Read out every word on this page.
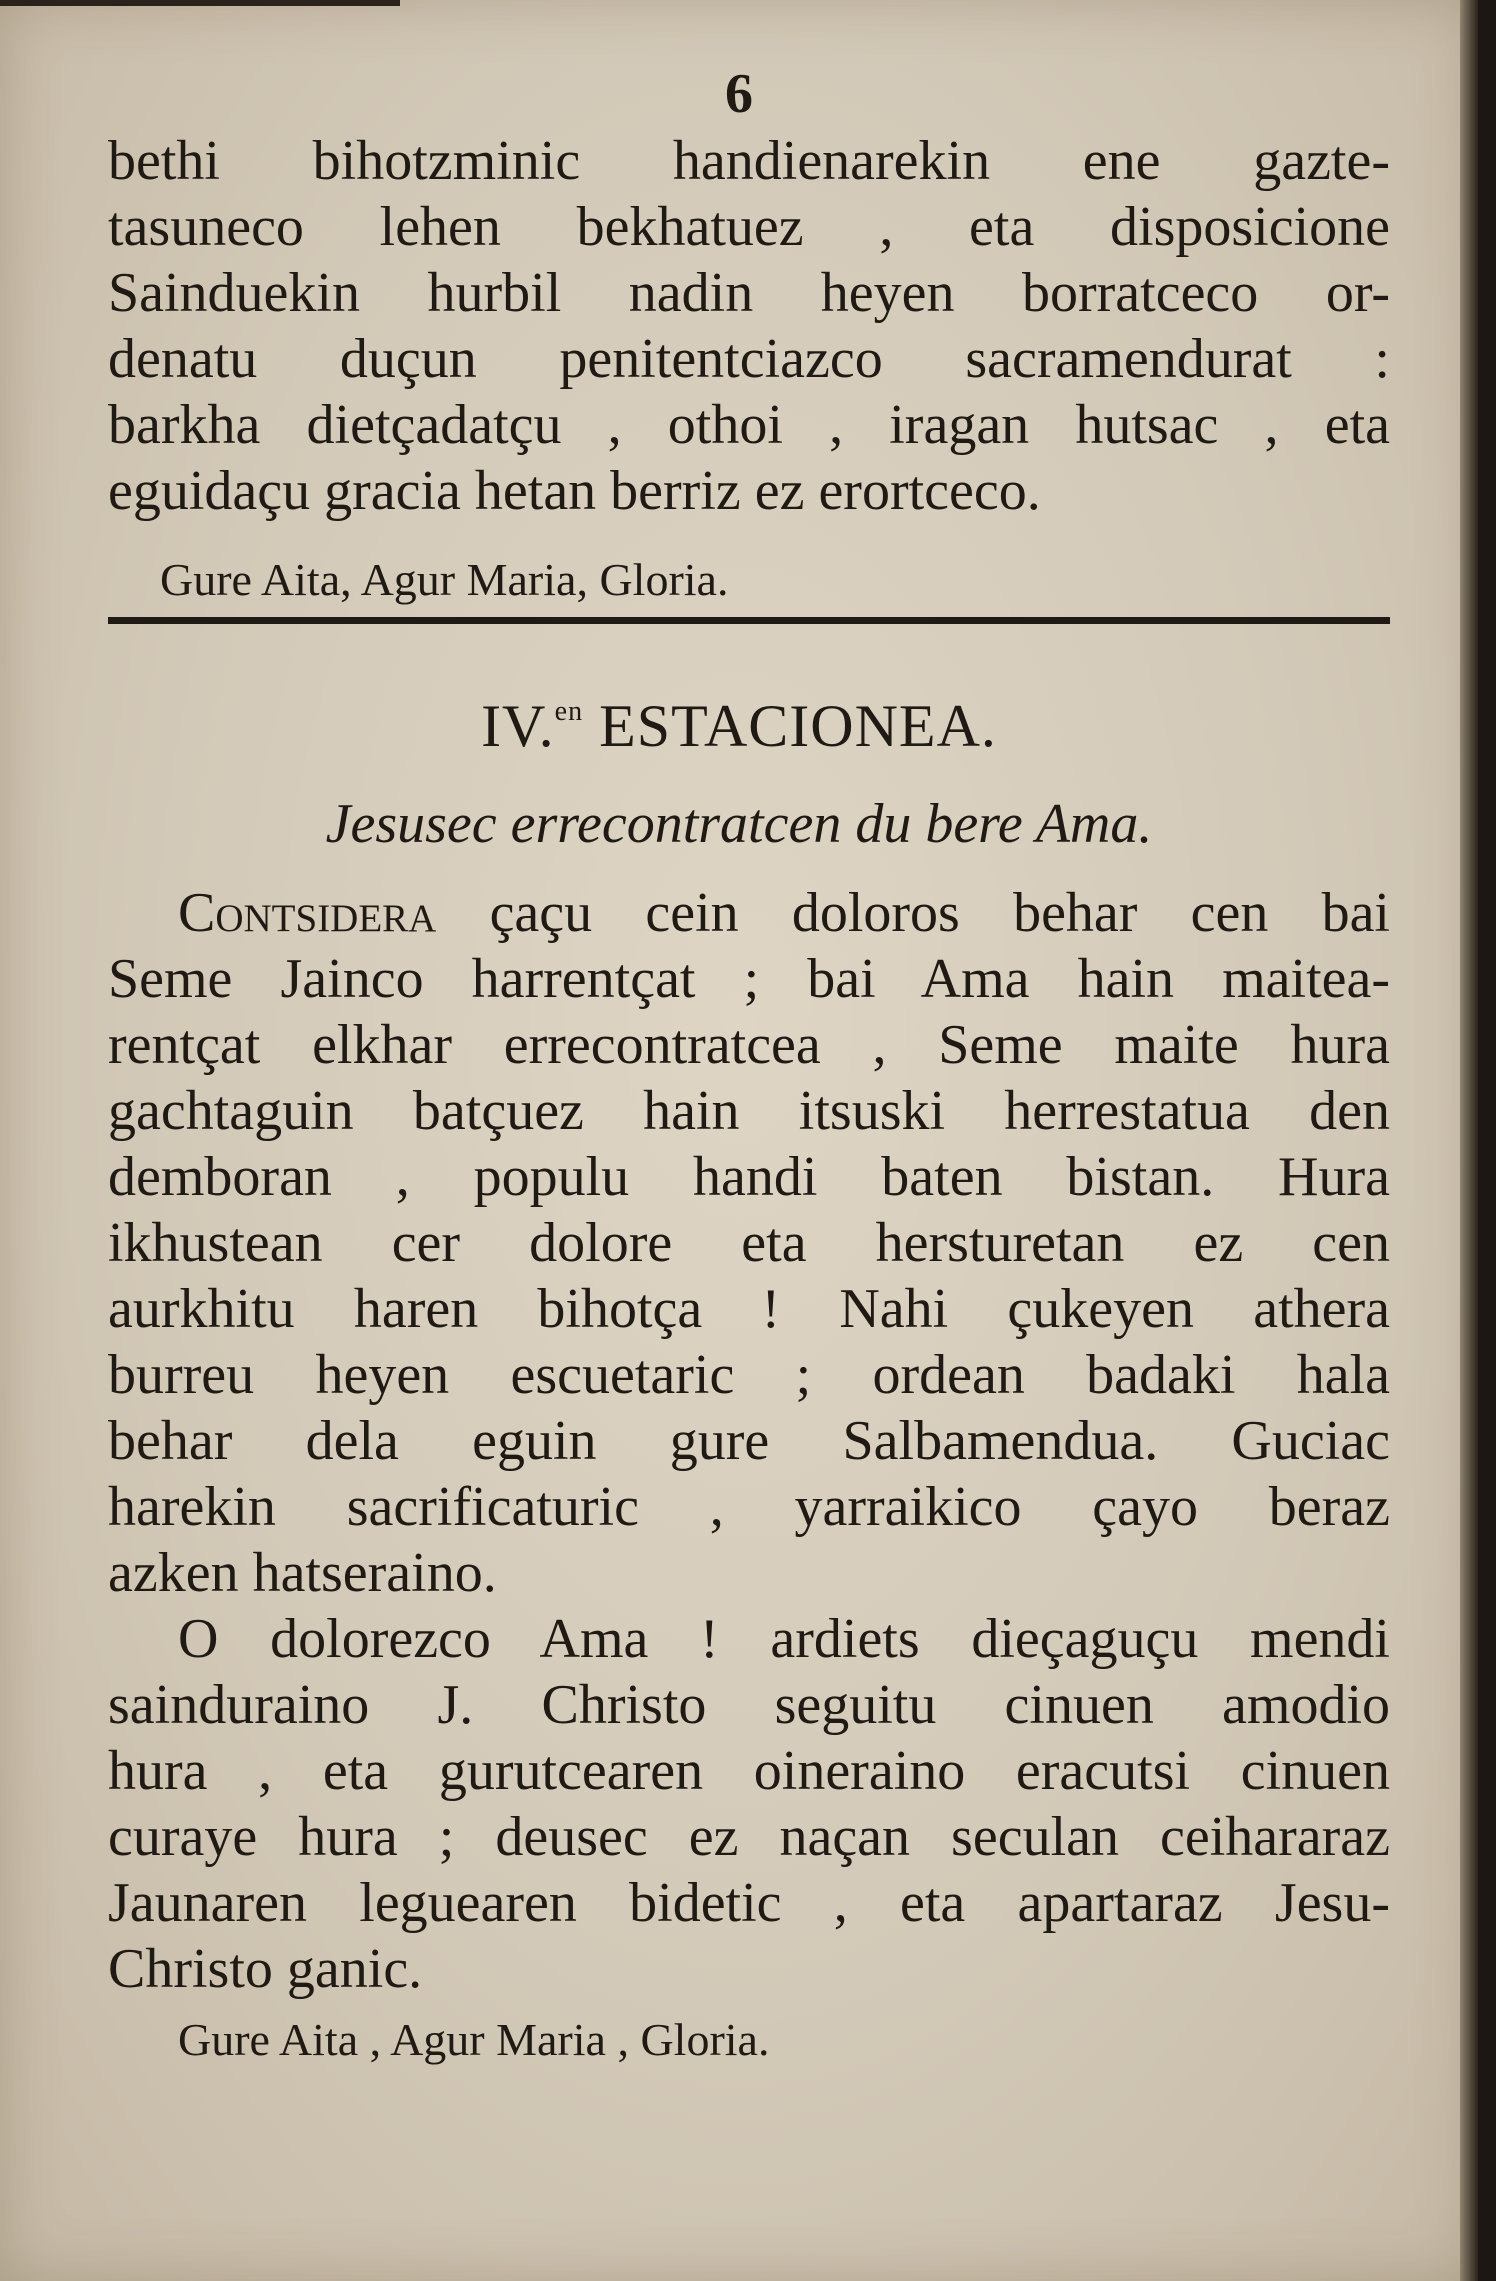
6
bethi bihotzminic handienarekin ene gazte-
tasuneco lehen bekhatuez , eta disposicione
Sainduekin hurbil nadin heyen borratceco or-
denatu duçun penitentciazco sacramendurat :
barkha dietçadatçu , othoi , iragan hutsac , eta
eguidaçu gracia hetan berriz ez erortceco.
Gure Aita, Agur Maria, Gloria.
IV.$^{en}$ ESTACIONEA.
Jesusec errecontratcen du bere Ama.
Contsidera çaçu cein doloros behar cen bai
Seme Jainco harrentçat ; bai Ama hain maitea-
rentçat elkhar errecontratcea , Seme maite hura
gachtaguin batçuez hain itsuski herrestatua den
demboran , populu handi baten bistan. Hura
ikhustean cer dolore eta hersturetan ez cen
aurkhitu haren bihotça ! Nahi çukeyen athera
burreu heyen escuetaric ; ordean badaki hala
behar dela eguin gure Salbamendua. Guciac
harekin sacrificaturic , yarraikico çayo beraz
azken hatseraino.
O dolorezco Ama ! ardiets dieçaguçu mendi
sainduraino J. Christo seguitu cinuen amodio
hura , eta gurutcearen oineraino eracutsi cinuen
curaye hura ; deusec ez naçan seculan ceihararaz
Jaunaren leguearen bidetic , eta apartaraz Jesu-
Christo ganic.
Gure Aita , Agur Maria , Gloria.
